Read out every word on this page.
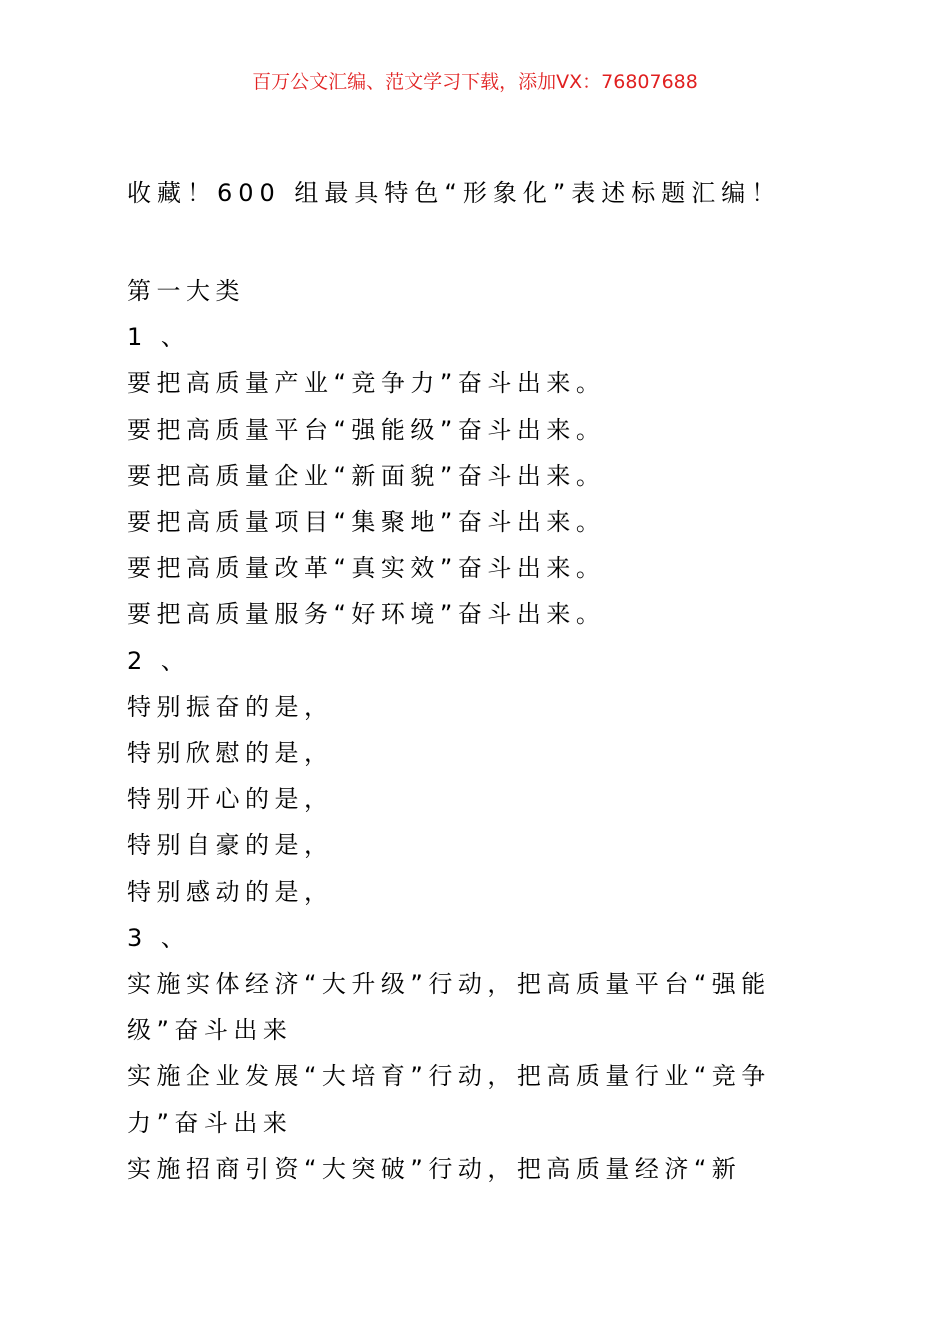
百万公文汇编、范文学习下载，添加VX：76807688
收藏！600 组最具特色“形象化”表述标题汇编！
第一大类
1 、
要把高质量产业“竞争力”奋斗出来。
要把高质量平台“强能级”奋斗出来。
要把高质量企业“新面貌”奋斗出来。
要把高质量项目“集聚地”奋斗出来。
要把高质量改革“真实效”奋斗出来。
要把高质量服务“好环境”奋斗出来。
2 、
特别振奋的是，
特别欣慰的是，
特别开心的是，
特别自豪的是，
特别感动的是，
3 、
实施实体经济“大升级”行动，把高质量平台“强能级”奋斗出来
实施企业发展“大培育”行动，把高质量行业“竞争力”奋斗出来
实施招商引资“大突破”行动，把高质量经济“新
